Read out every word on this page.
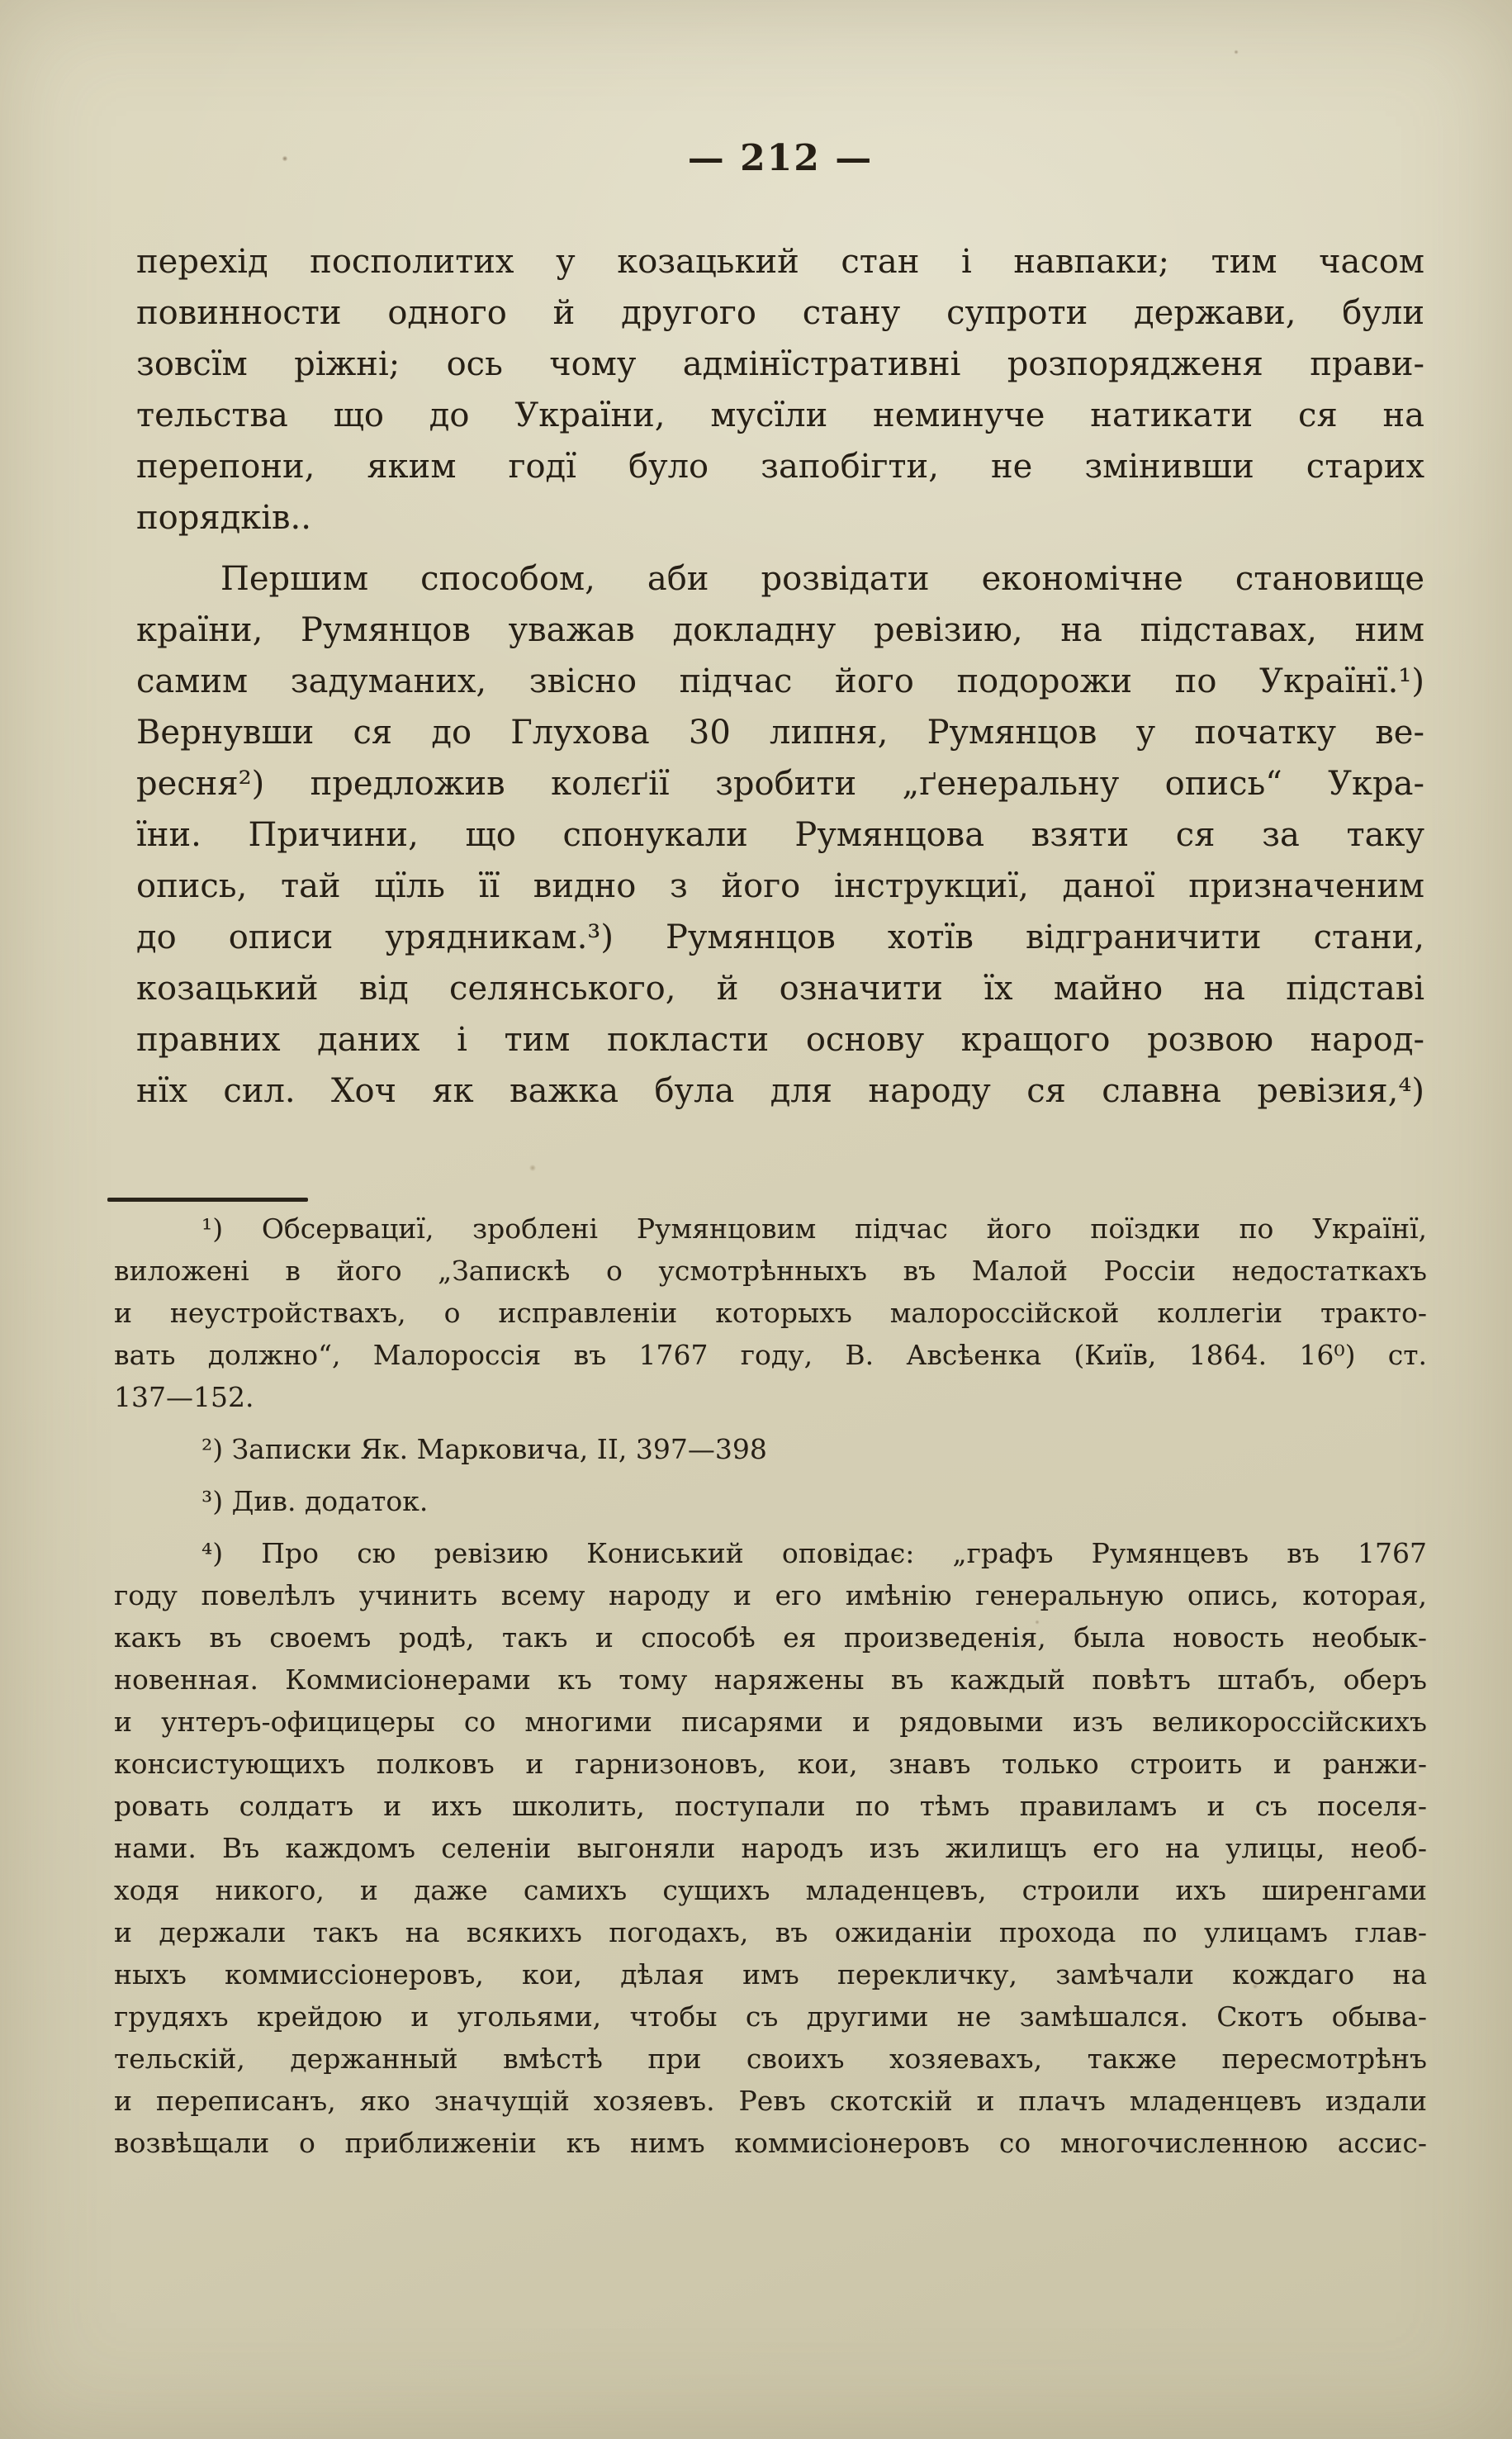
— 212 —
перехід посполитих у козацький стан і навпаки; тим часом
повинности одного й другого стану супроти держави, були
зовсїм ріжні; ось чому адмінїстративні розпорядженя прави-
тельства що до України, мусїли неминуче натикати ся на
перепони, яким годї було запобігти, не змінивши старих
порядків..
Першим способом, аби розвідати економічне становище
країни, Румянцов уважав докладну ревізию, на підставах, ним
самим задуманих, звісно підчас його подорожи по Українї.¹)
Вернувши ся до Глухова 30 липня, Румянцов у початку ве-
ресня²) предложив колєґії зробити „ґенеральну опись“ Укра-
їни. Причини, що спонукали Румянцова взяти ся за таку
опись, тай цїль її видно з його інструкциї, даної призначеним
до описи урядникам.³) Румянцов хотїв відграничити стани,
козацький від селянського, й означити їх майно на підставі
правних даних і тим покласти основу кращого розвою народ-
нїх сил. Хоч як важка була для народу ся славна ревізия,⁴)
¹) Обсервациї, зроблені Румянцовим підчас його поїздки по Українї,
виложені в його „Запискѣ о усмотрѣнныхъ въ Малой Россіи недостаткахъ
и неустройствахъ, о исправленіи которыхъ малороссійской коллегіи тракто-
вать должно“, Малороссія въ 1767 году, В. Авсѣенка (Київ, 1864. 16⁰) ст.
137—152.
²) Записки Як. Марковича, II, 397—398
³) Див. додаток.
⁴) Про сю ревізию Кониський оповідає: „графъ Румянцевъ въ 1767
году повелѣлъ учинить всему народу и его имѣнію генеральную опись, которая,
какъ въ своемъ родѣ, такъ и способѣ ея произведенія, была новость необык-
новенная. Коммисіонерами къ тому наряжены въ каждый повѣтъ штабъ, оберъ
и унтеръ-официцеры со многими писарями и рядовыми изъ великороссійскихъ
консистующихъ полковъ и гарнизоновъ, кои, знавъ только строить и ранжи-
ровать солдатъ и ихъ школить, поступали по тѣмъ правиламъ и съ поселя-
нами. Въ каждомъ селеніи выгоняли народъ изъ жилищъ его на улицы, необ-
ходя никого, и даже самихъ сущихъ младенцевъ, строили ихъ ширенгами
и держали такъ на всякихъ погодахъ, въ ожиданіи прохода по улицамъ глав-
ныхъ коммиссіонеровъ, кои, дѣлая имъ перекличку, замѣчали кождаго на
грудяхъ крейдою и угольями, чтобы съ другими не замѣшался. Скотъ обыва-
тельскій, держанный вмѣстѣ при своихъ хозяевахъ, также пересмотрѣнъ
и переписанъ, яко значущій хозяевъ. Ревъ скотскій и плачъ младенцевъ издали
возвѣщали о приближеніи къ нимъ коммисіонеровъ со многочисленною ассис-
